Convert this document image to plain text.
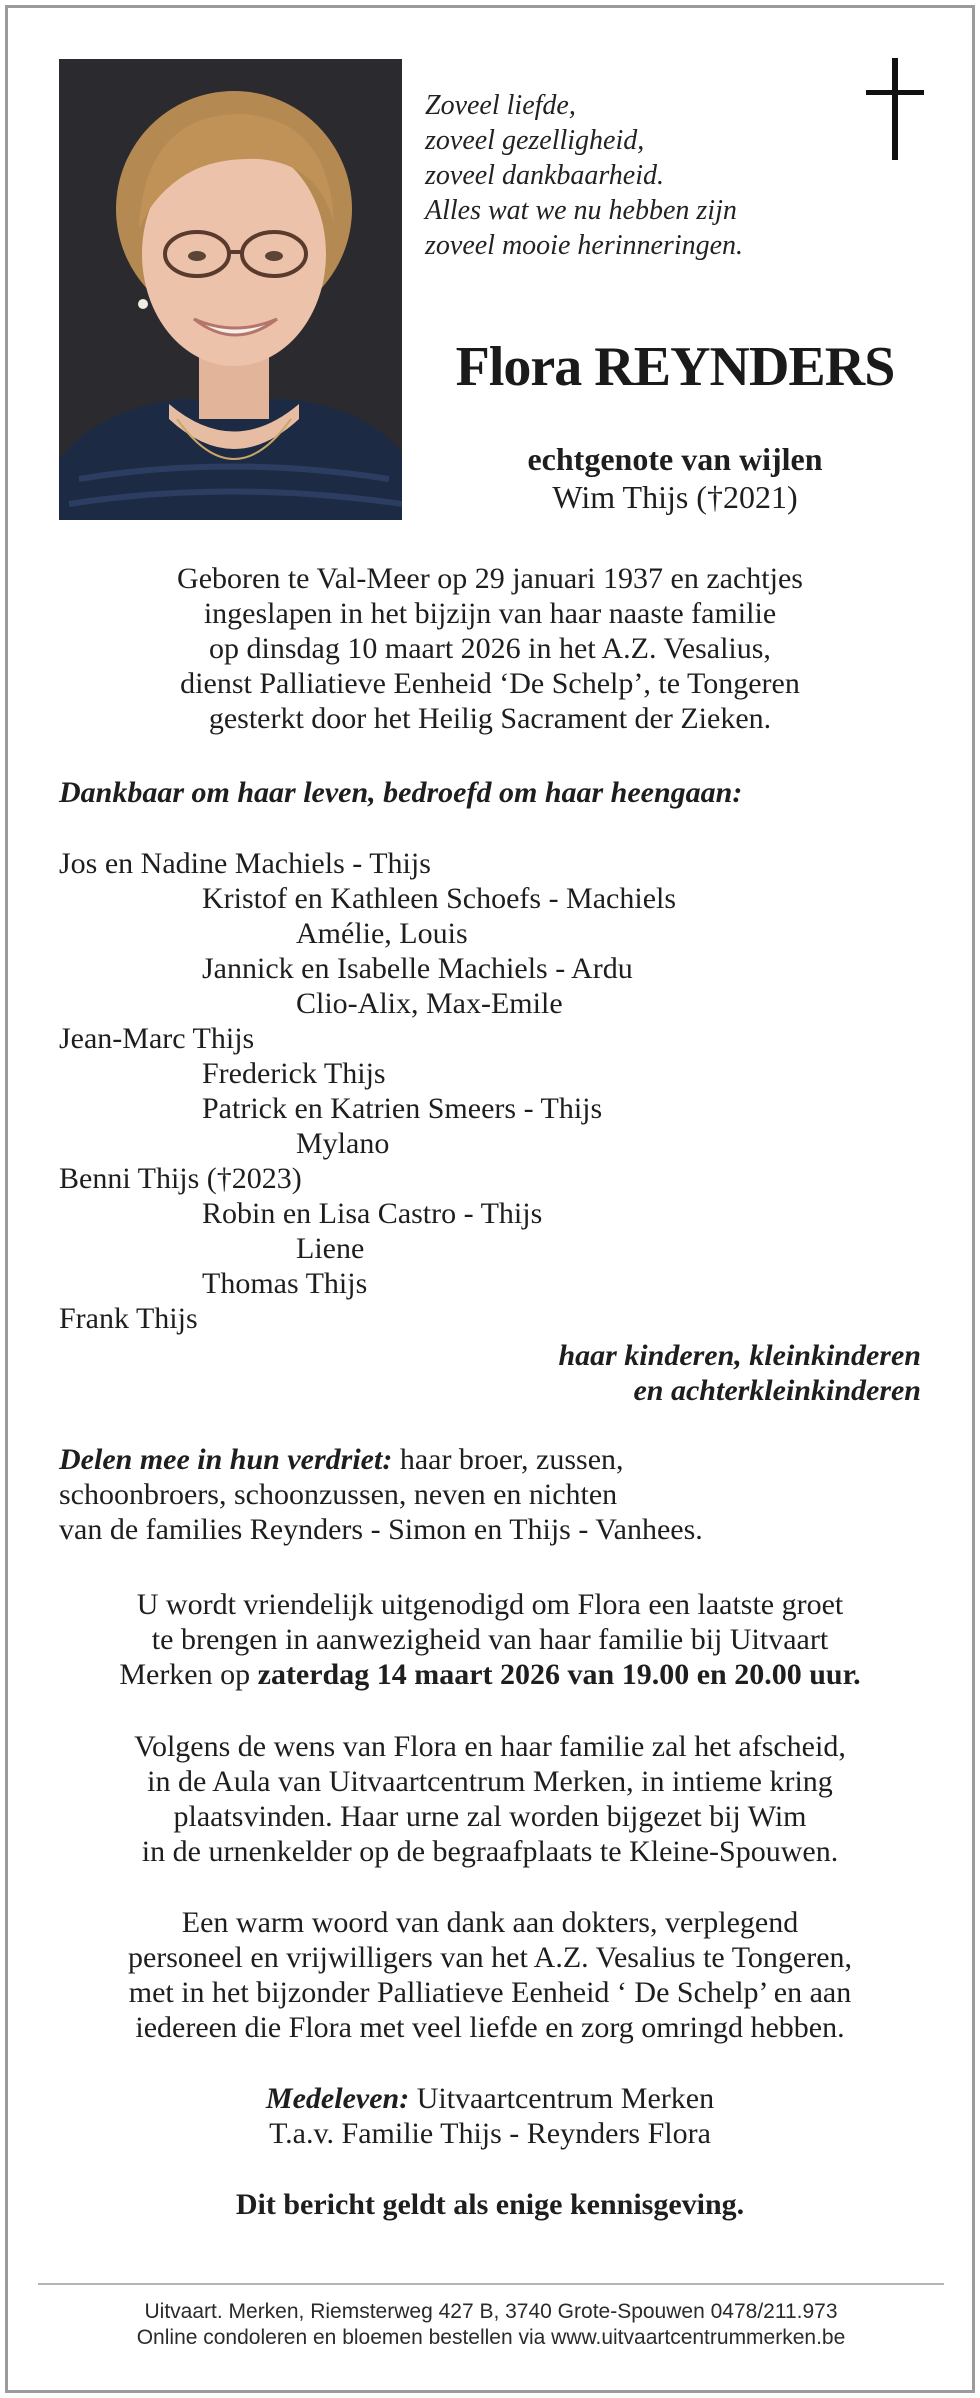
Zoveel liefde,
zoveel gezelligheid,
zoveel dankbaarheid.
Alles wat we nu hebben zijn
zoveel mooie herinneringen.
Flora REYNDERS
echtgenote van wijlen
Wim Thijs (†2021)
Geboren te Val-Meer op 29 januari 1937 en zachtjes
ingeslapen in het bijzijn van haar naaste familie
op dinsdag 10 maart 2026 in het A.Z. Vesalius,
dienst Palliatieve Eenheid ‘De Schelp’, te Tongeren
gesterkt door het Heilig Sacrament der Zieken.
Dankbaar om haar leven, bedroefd om haar heengaan:
Jos en Nadine Machiels - Thijs
Kristof en Kathleen Schoefs - Machiels
Amélie, Louis
Jannick en Isabelle Machiels - Ardu
Clio-Alix, Max-Emile
Jean-Marc Thijs
Frederick Thijs
Patrick en Katrien Smeers - Thijs
Mylano
Benni Thijs (†2023)
Robin en Lisa Castro - Thijs
Liene
Thomas Thijs
Frank Thijs
haar kinderen, kleinkinderen
en achterkleinkinderen
Delen mee in hun verdriet: haar broer, zussen,
schoonbroers, schoonzussen, neven en nichten
van de families Reynders - Simon en Thijs - Vanhees.
U wordt vriendelijk uitgenodigd om Flora een laatste groet
te brengen in aanwezigheid van haar familie bij Uitvaart
Merken op zaterdag 14 maart 2026 van 19.00 en 20.00 uur.
Volgens de wens van Flora en haar familie zal het afscheid,
in de Aula van Uitvaartcentrum Merken, in intieme kring
plaatsvinden. Haar urne zal worden bijgezet bij Wim
in de urnenkelder op de begraafplaats te Kleine-Spouwen.
Een warm woord van dank aan dokters, verplegend
personeel en vrijwilligers van het A.Z. Vesalius te Tongeren,
met in het bijzonder Palliatieve Eenheid ‘ De Schelp’ en aan
iedereen die Flora met veel liefde en zorg omringd hebben.
Medeleven: Uitvaartcentrum Merken
T.a.v. Familie Thijs - Reynders Flora
Dit bericht geldt als enige kennisgeving.
Uitvaart. Merken, Riemsterweg 427 B, 3740 Grote-Spouwen 0478/211.973
Online condoleren en bloemen bestellen via www.uitvaartcentrummerken.be
